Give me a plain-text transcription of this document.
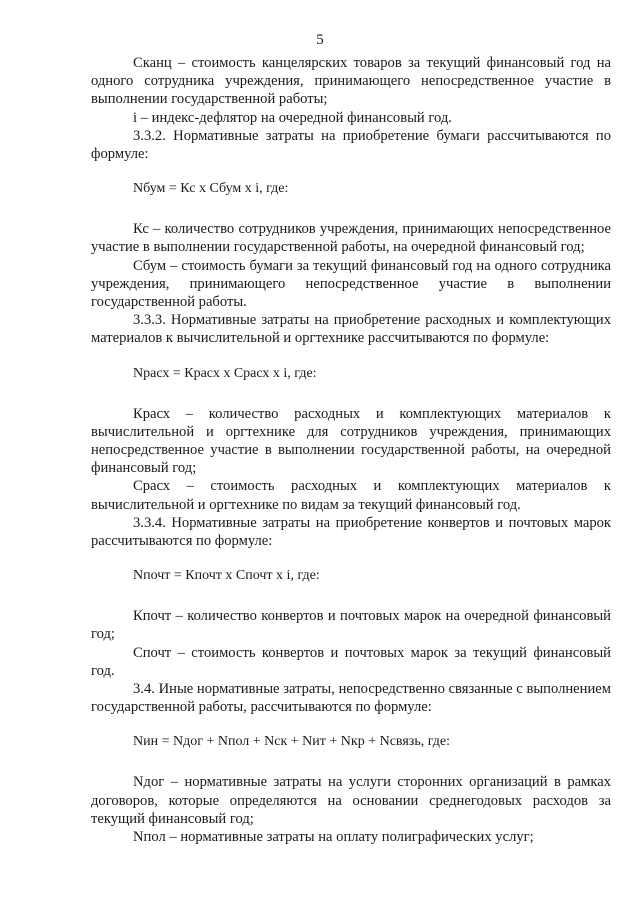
5

Сканц – стоимость канцелярских товаров за текущий финансовый год на одного сотрудника учреждения, принимающего непосредственное участие в выполнении государственной работы;

i – индекс-дефлятор на очередной финансовый год.

3.3.2. Нормативные затраты на приобретение бумаги рассчитываются по формуле:

Nбум = Кс х Сбум х i, где:

Кс – количество сотрудников учреждения, принимающих непосредственное участие в выполнении государственной работы, на очередной финансовый год;

Сбум – стоимость бумаги за текущий финансовый год на одного сотрудника учреждения, принимающего непосредственное участие в выполнении государственной работы.

3.3.3. Нормативные затраты на приобретение расходных и комплектующих материалов к вычислительной и оргтехнике рассчитываются по формуле:

Nрасх = Красх х Срасх х i, где:

Красх – количество расходных и комплектующих материалов к вычислительной и оргтехнике для сотрудников учреждения, принимающих непосредственное участие в выполнении государственной работы, на очередной финансовый год;

Срасх – стоимость расходных и комплектующих материалов к вычислительной и оргтехнике по видам за текущий финансовый год.

3.3.4. Нормативные затраты на приобретение конвертов и почтовых марок рассчитываются по формуле:

Nпочт = Кпочт х Спочт х i, где:

Кпочт – количество конвертов и почтовых марок на очередной финансовый год;

Спочт – стоимость конвертов и почтовых марок за текущий финансовый год.

3.4. Иные нормативные затраты, непосредственно связанные с выполнением государственной работы, рассчитываются по формуле:

Nин = Nдог + Nпол + Nск + Nит + Nкр + Nсвязь, где:

Nдог – нормативные затраты на услуги сторонних организаций в рамках договоров, которые определяются на основании среднегодовых расходов за текущий финансовый год;

Nпол – нормативные затраты на оплату полиграфических услуг;
